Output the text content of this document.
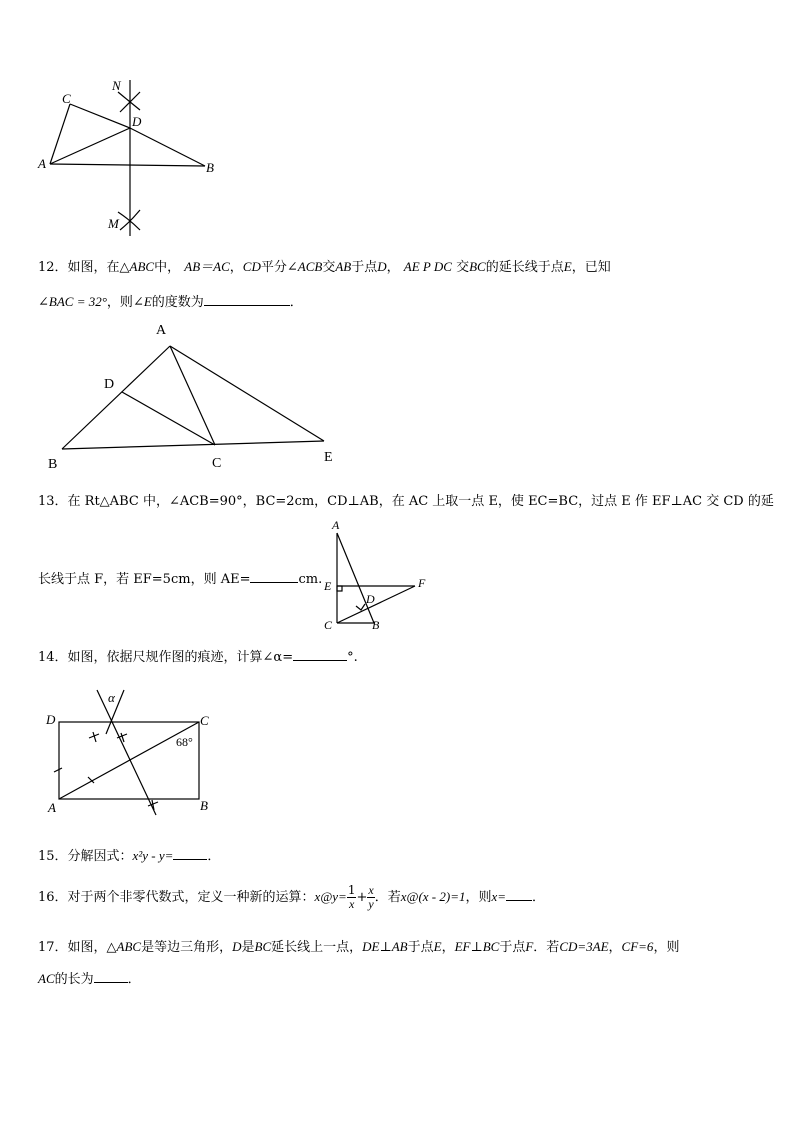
C
N
D
A	B
M
12．如图，在△ABC中， AB＝AC，CD平分∠ACB交AB于点D， AE P DC 交BC的延长线于点E，已知
∠BAC = 32°，则∠E的度数为	．
A
D
B	C	E
13．在 Rt△ABC 中，∠ACB=90°，BC=2cm，CD⊥AB，在 AC 上取一点 E，使 EC=BC，过点 E 作 EF⊥AC 交 CD 的延
长线于点 F，若 EF=5cm，则 AE=	cm.
A
E	F
D
C	B
14．如图，依据尺规作图的痕迹，计算∠α=	°.
α
D	C
68°
A	B
15．分解因式：x²y - y=	．
16．对于两个非零代数式，定义一种新的运算：x@y= $\frac{1}{x} + \frac{x}{y}$ ．若x@(x - 2)=1，则x= ．
17．如图，△ABC是等边三角形，D是BC延长线上一点，DE⊥AB于点E，EF⊥BC于点F．若CD=3AE，CF=6，则
AC的长为	．
